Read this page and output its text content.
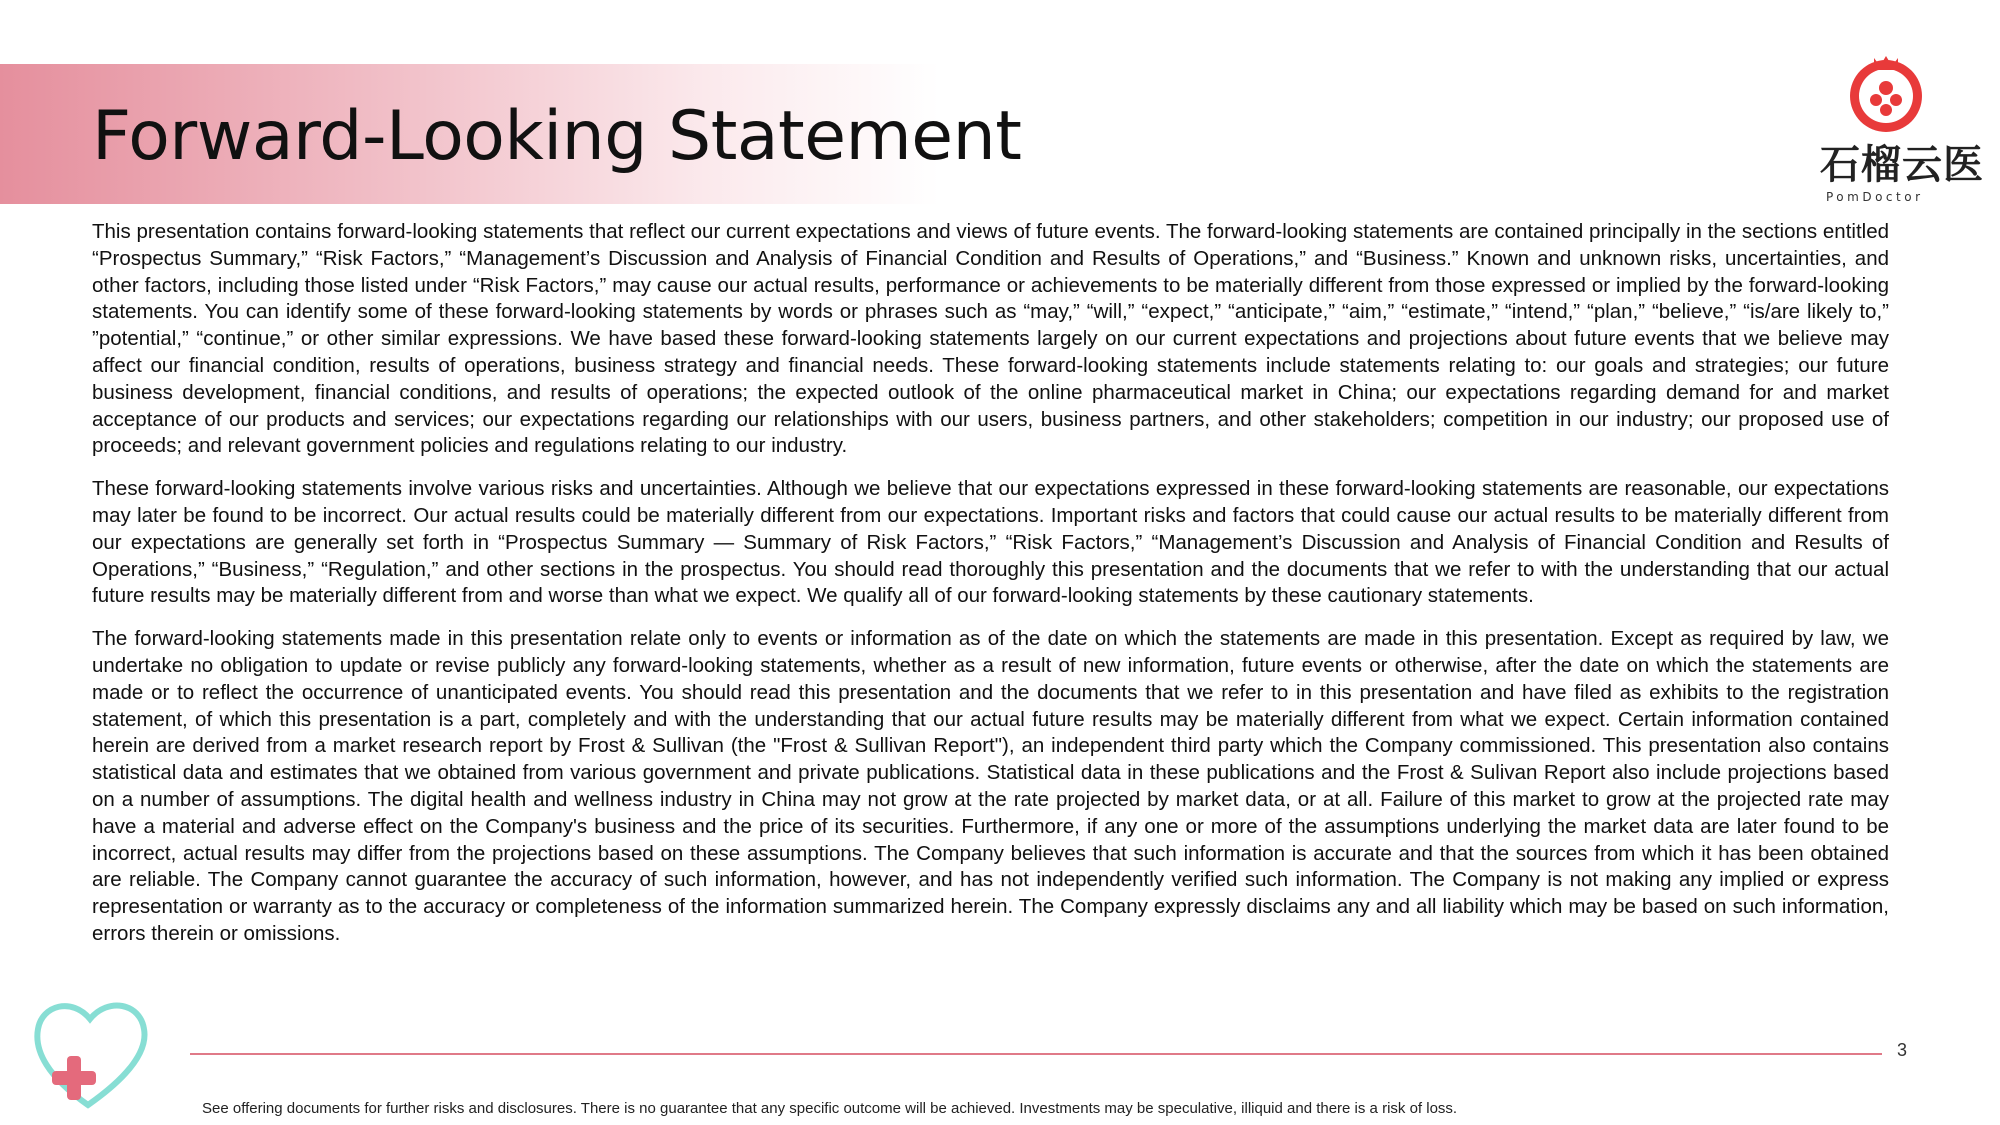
Forward-Looking Statement	石榴云医
PomDoctor

This presentation contains forward-looking statements that reflect our current expectations and views of future events. The forward-looking statements are contained principally in the sections entitled “Prospectus Summary,” “Risk Factors,” “Management’s Discussion and Analysis of Financial Condition and Results of Operations,” and “Business.” Known and unknown risks, uncertainties, and other factors, including those listed under “Risk Factors,” may cause our actual results, performance or achievements to be materially different from those expressed or implied by the forward-looking statements. You can identify some of these forward-looking statements by words or phrases such as “may,” “will,” “expect,” “anticipate,” “aim,” “estimate,” “intend,” “plan,” “believe,” “is/are likely to,” ”potential,” “continue,” or other similar expressions. We have based these forward-looking statements largely on our current expectations and projections about future events that we believe may affect our financial condition, results of operations, business strategy and financial needs. These forward-looking statements include statements relating to: our goals and strategies; our future business development, financial conditions, and results of operations; the expected outlook of the online pharmaceutical market in China; our expectations regarding demand for and market acceptance of our products and services; our expectations regarding our relationships with our users, business partners, and other stakeholders; competition in our industry; our proposed use of proceeds; and relevant government policies and regulations relating to our industry.

These forward-looking statements involve various risks and uncertainties. Although we believe that our expectations expressed in these forward-looking statements are reasonable, our expectations may later be found to be incorrect. Our actual results could be materially different from our expectations. Important risks and factors that could cause our actual results to be materially different from our expectations are generally set forth in “Prospectus Summary — Summary of Risk Factors,” “Risk Factors,” “Management’s Discussion and Analysis of Financial Condition and Results of Operations,” “Business,” “Regulation,” and other sections in the prospectus. You should read thoroughly this presentation and the documents that we refer to with the understanding that our actual future results may be materially different from and worse than what we expect. We qualify all of our forward-looking statements by these cautionary statements.

The forward-looking statements made in this presentation relate only to events or information as of the date on which the statements are made in this presentation. Except as required by law, we undertake no obligation to update or revise publicly any forward-looking statements, whether as a result of new information, future events or otherwise, after the date on which the statements are made or to reflect the occurrence of unanticipated events. You should read this presentation and the documents that we refer to in this presentation and have filed as exhibits to the registration statement, of which this presentation is a part, completely and with the understanding that our actual future results may be materially different from what we expect. Certain information contained herein are derived from a market research report by Frost & Sullivan (the "Frost & Sullivan Report"), an independent third party which the Company commissioned. This presentation also contains statistical data and estimates that we obtained from various government and private publications. Statistical data in these publications and the Frost & Sulivan Report also include projections based on a number of assumptions. The digital health and wellness industry in China may not grow at the rate projected by market data, or at all. Failure of this market to grow at the projected rate may have a material and adverse effect on the Company's business and the price of its securities. Furthermore, if any one or more of the assumptions underlying the market data are later found to be incorrect, actual results may differ from the projections based on these assumptions. The Company believes that such information is accurate and that the sources from which it has been obtained are reliable. The Company cannot guarantee the accuracy of such information, however, and has not independently verified such information. The Company is not making any implied or express representation or warranty as to the accuracy or completeness of the information summarized herein. The Company expressly disclaims any and all liability which may be based on such information, errors therein or omissions.

3
See offering documents for further risks and disclosures. There is no guarantee that any specific outcome will be achieved. Investments may be speculative, illiquid and there is a risk of loss.
